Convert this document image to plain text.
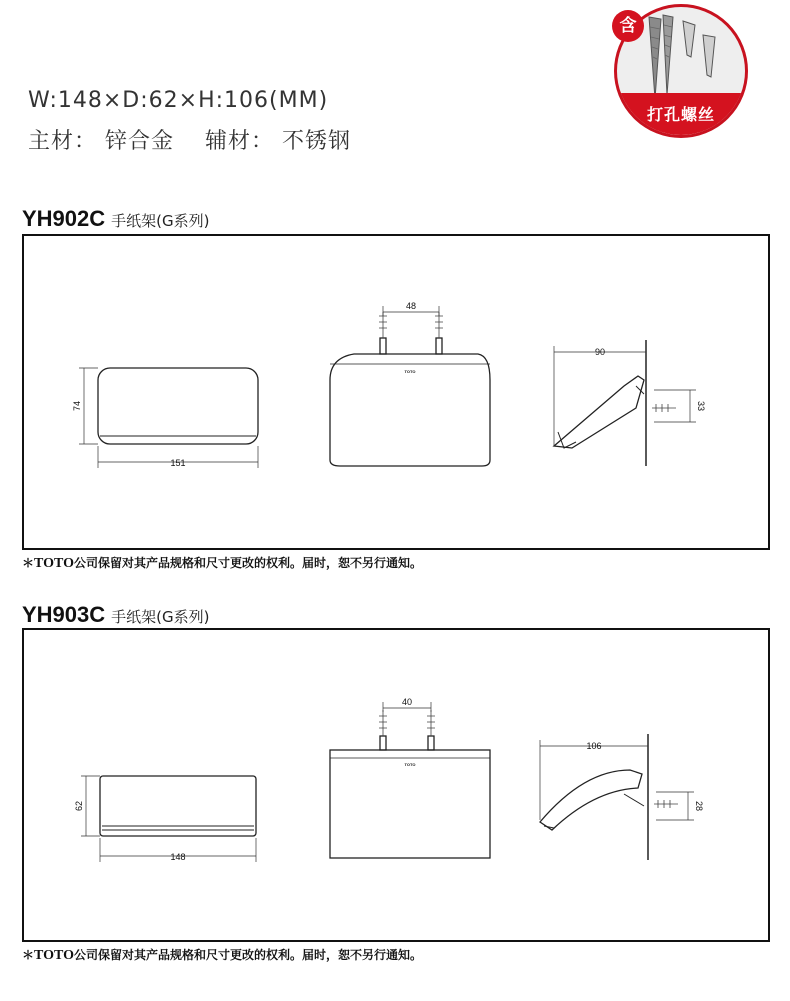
W:148×D:62×H:106(MM)
主材： 锌合金　 辅材： 不锈钢
打孔螺丝
含
YH902C 手纸架(G系列)
74
151
48
90
33
TOTO
＊TOTO公司保留对其产品规格和尺寸更改的权利。届时，恕不另行通知。
YH903C 手纸架(G系列)
62
148
40
106
28
TOTO
＊TOTO公司保留对其产品规格和尺寸更改的权利。届时，恕不另行通知。
